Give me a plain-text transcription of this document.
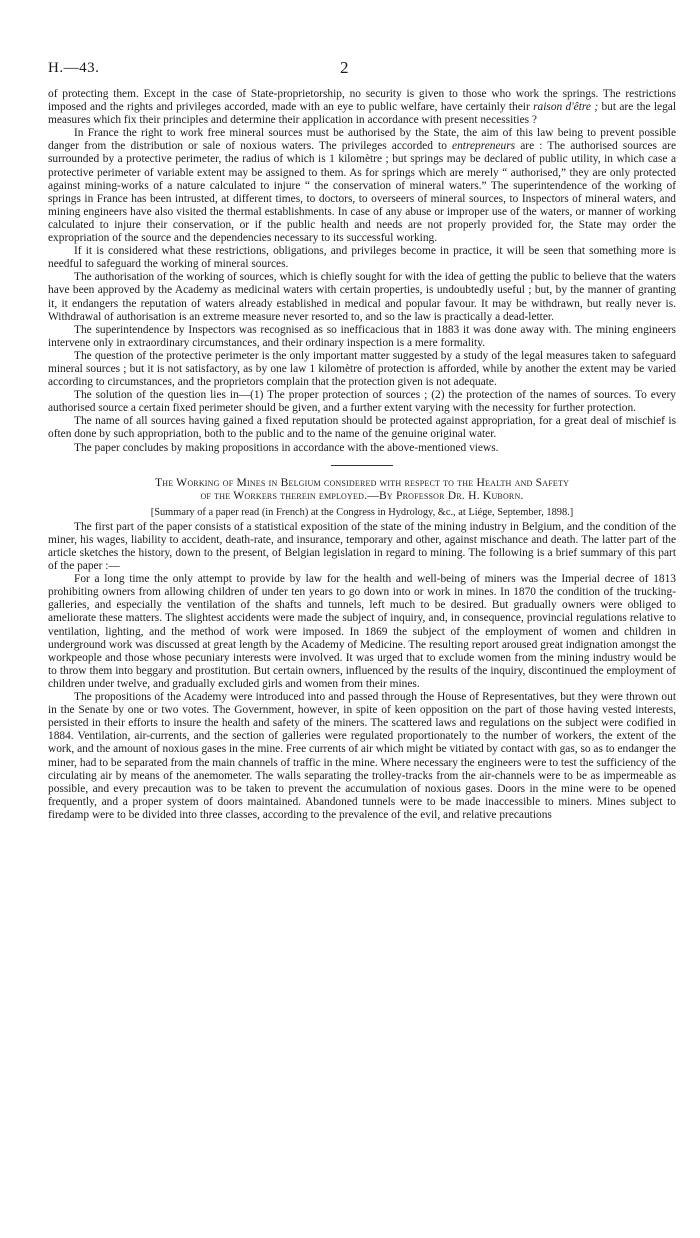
H.—43.	2

of protecting them. Except in the case of State-proprietorship, no security is given to those who work the springs. The restrictions imposed and the rights and privileges accorded, made with an eye to public welfare, have certainly their raison d'être ; but are the legal measures which fix their principles and determine their application in accordance with present necessities ?

In France the right to work free mineral sources must be authorised by the State, the aim of this law being to prevent possible danger from the distribution or sale of noxious waters. The privileges accorded to entrepreneurs are : The authorised sources are surrounded by a protective perimeter, the radius of which is 1 kilomètre ; but springs may be declared of public utility, in which case a protective perimeter of variable extent may be assigned to them. As for springs which are merely “ authorised,” they are only protected against mining-works of a nature calculated to injure “ the conservation of mineral waters.” The superintendence of the working of springs in France has been intrusted, at different times, to doctors, to overseers of mineral sources, to Inspectors of mineral waters, and mining engineers have also visited the thermal establishments. In case of any abuse or improper use of the waters, or manner of working calculated to injure their conservation, or if the public health and needs are not properly provided for, the State may order the expropriation of the source and the dependencies necessary to its successful working.

If it is considered what these restrictions, obligations, and privileges become in practice, it will be seen that something more is needful to safeguard the working of mineral sources.

The authorisation of the working of sources, which is chiefly sought for with the idea of getting the public to believe that the waters have been approved by the Academy as medicinal waters with certain properties, is undoubtedly useful ; but, by the manner of granting it, it endangers the reputation of waters already established in medical and popular favour. It may be withdrawn, but really never is. Withdrawal of authorisation is an extreme measure never resorted to, and so the law is practically a dead-letter.

The superintendence by Inspectors was recognised as so inefficacious that in 1883 it was done away with. The mining engineers intervene only in extraordinary circumstances, and their ordinary inspection is a mere formality.

The question of the protective perimeter is the only important matter suggested by a study of the legal measures taken to safeguard mineral sources ; but it is not satisfactory, as by one law 1 kilomètre of protection is afforded, while by another the extent may be varied according to circumstances, and the proprietors complain that the protection given is not adequate.

The solution of the question lies in—(1) The proper protection of sources ; (2) the protection of the names of sources. To every authorised source a certain fixed perimeter should be given, and a further extent varying with the necessity for further protection.

The name of all sources having gained a fixed reputation should be protected against appropriation, for a great deal of mischief is often done by such appropriation, both to the public and to the name of the genuine original water.

The paper concludes by making propositions in accordance with the above-mentioned views.

The Working of Mines in Belgium considered with respect to the Health and Safety
of the Workers therein employed.—By Professor Dr. H. Kuborn.

[Summary of a paper read (in French) at the Congress in Hydrology, &c., at Liége, September, 1898.]

The first part of the paper consists of a statistical exposition of the state of the mining industry in Belgium, and the condition of the miner, his wages, liability to accident, death-rate, and insurance, temporary and other, against mischance and death. The latter part of the article sketches the history, down to the present, of Belgian legislation in regard to mining. The following is a brief summary of this part of the paper :—

For a long time the only attempt to provide by law for the health and well-being of miners was the Imperial decree of 1813 prohibiting owners from allowing children of under ten years to go down into or work in mines. In 1870 the condition of the trucking-galleries, and especially the ventilation of the shafts and tunnels, left much to be desired. But gradually owners were obliged to ameliorate these matters. The slightest accidents were made the subject of inquiry, and, in consequence, provincial regulations relative to ventilation, lighting, and the method of work were imposed. In 1869 the subject of the employment of women and children in underground work was discussed at great length by the Academy of Medicine. The resulting report aroused great indignation amongst the workpeople and those whose pecuniary interests were involved. It was urged that to exclude women from the mining industry would be to throw them into beggary and prostitution. But certain owners, influenced by the results of the inquiry, discontinued the employment of children under twelve, and gradually excluded girls and women from their mines.

The propositions of the Academy were introduced into and passed through the House of Representatives, but they were thrown out in the Senate by one or two votes. The Government, however, in spite of keen opposition on the part of those having vested interests, persisted in their efforts to insure the health and safety of the miners. The scattered laws and regulations on the subject were codified in 1884. Ventilation, air-currents, and the section of galleries were regulated proportionately to the number of workers, the extent of the work, and the amount of noxious gases in the mine. Free currents of air which might be vitiated by contact with gas, so as to endanger the miner, had to be separated from the main channels of traffic in the mine. Where necessary the engineers were to test the sufficiency of the circulating air by means of the anemometer. The walls separating the trolley-tracks from the air-channels were to be as impermeable as possible, and every precaution was to be taken to prevent the accumulation of noxious gases. Doors in the mine were to be opened frequently, and a proper system of doors maintained. Abandoned tunnels were to be made inaccessible to miners. Mines subject to firedamp were to be divided into three classes, according to the prevalence of the evil, and relative precautions
